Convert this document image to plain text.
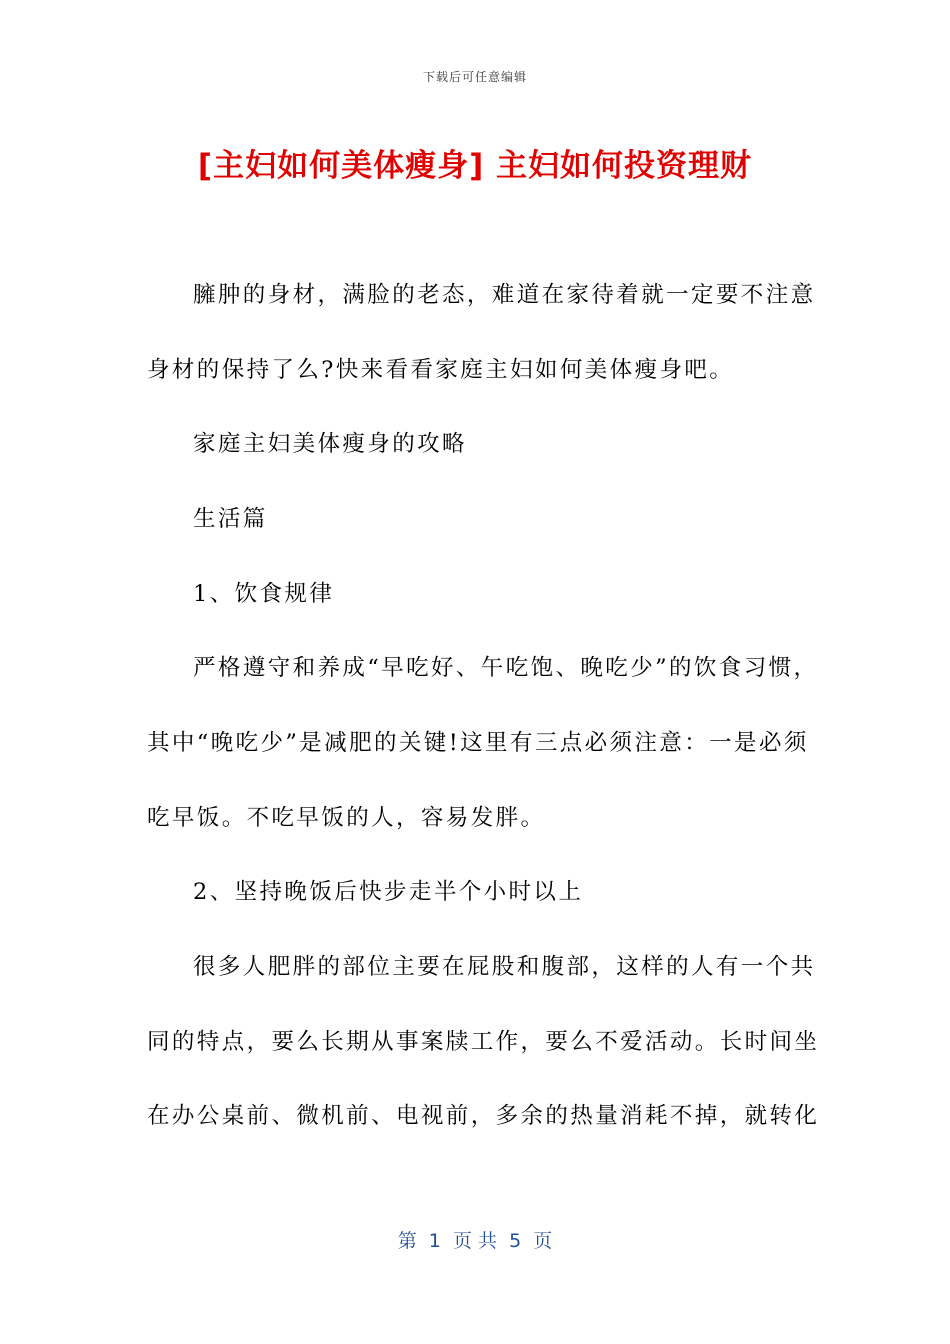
下载后可任意编辑
[主妇如何美体瘦身] 主妇如何投资理财
臃肿的身材，满脸的老态，难道在家待着就一定要不注意
身材的保持了么?快来看看家庭主妇如何美体瘦身吧。
家庭主妇美体瘦身的攻略
生活篇
1、饮食规律
严格遵守和养成“早吃好、午吃饱、晚吃少”的饮食习惯，
其中“晚吃少”是减肥的关键!这里有三点必须注意：一是必须
吃早饭。不吃早饭的人，容易发胖。
2、坚持晚饭后快步走半个小时以上
很多人肥胖的部位主要在屁股和腹部，这样的人有一个共
同的特点，要么长期从事案牍工作，要么不爱活动。长时间坐
在办公桌前、微机前、电视前，多余的热量消耗不掉，就转化
第  1  页 共  5  页
